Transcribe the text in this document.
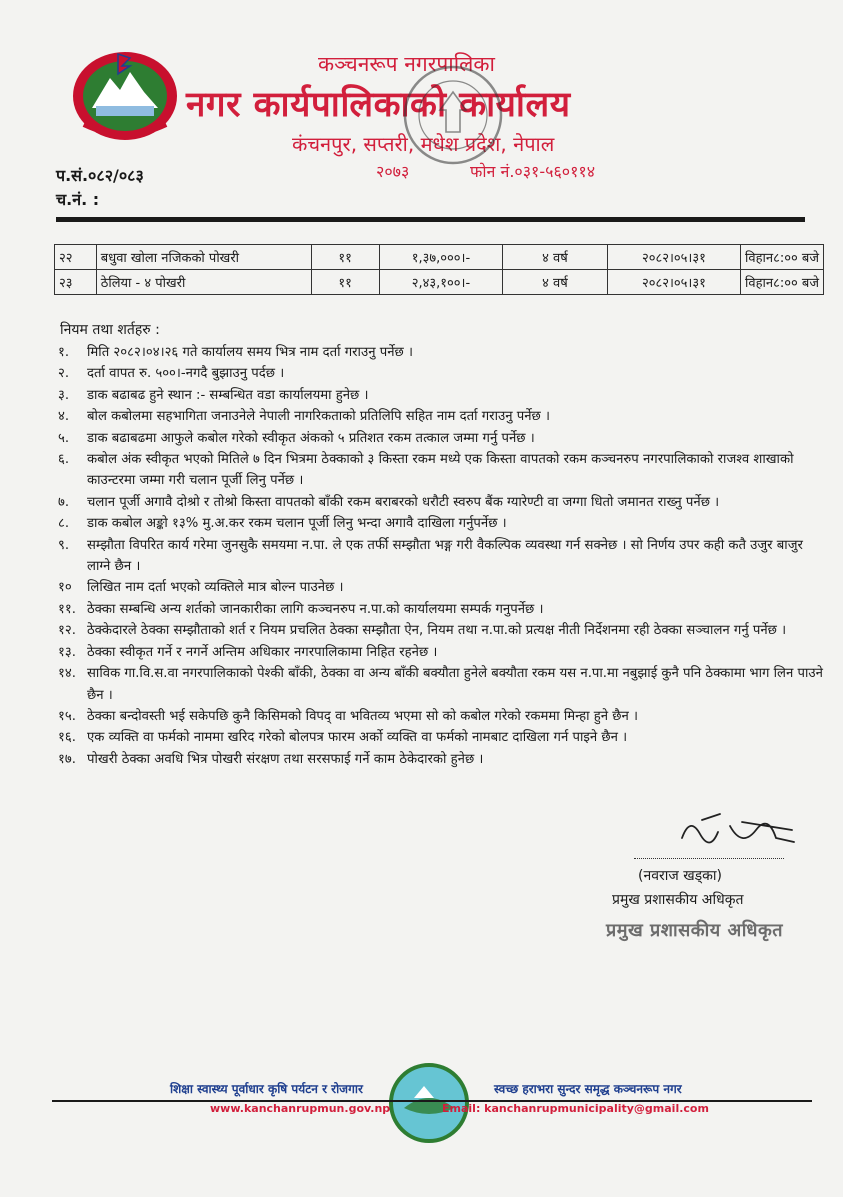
कञ्चनरूप नगरपालिका
नगर कार्यपालिकाको कार्यालय
कंचनपुर, सप्तरी, मधेश प्रदेश, नेपाल
२०७३	फोन नं.०३१-५६०११४
प.सं.०८२/०८३
च.नं. :
२२	बधुवा खोला नजिकको पोखरी	११	१,३७,०००।-	४ वर्ष	२०८२।०५।३१	विहान८:०० बजे
२३	ठेलिया - ४ पोखरी	११	२,४३,१००।-	४ वर्ष	२०८२।०५।३१	विहान८:०० बजे
नियम तथा शर्तहरु :
१.	मिति २०८२।०४।२६ गते कार्यालय समय भित्र नाम दर्ता गराउनु पर्नेछ ।
२.	दर्ता वापत रु. ५००।-नगदै बुझाउनु पर्दछ ।
३.	डाक बढाबढ हुने स्थान :- सम्बन्धित वडा कार्यालयमा हुनेछ ।
४.	बोल कबोलमा सहभागिता जनाउनेले नेपाली नागरिकताको प्रतिलिपि सहित नाम दर्ता गराउनु पर्नेछ ।
५.	डाक बढाबढमा आफुले कबोल गरेको स्वीकृत अंकको ५ प्रतिशत रकम तत्काल जम्मा गर्नु पर्नेछ ।
६.	कबोल अंक स्वीकृत भएको मितिले ७ दिन भित्रमा ठेक्काको ३ किस्ता रकम मध्ये एक किस्ता वापतको रकम कञ्चनरुप नगरपालिकाको राजश्व शाखाको काउन्टरमा जम्मा गरी चलान पूर्जी लिनु पर्नेछ ।
७.	चलान पूर्जी अगावै दोश्रो र तोश्रो किस्ता वापतको बाँकी रकम बराबरको धरौटी स्वरुप बैंक ग्यारेण्टी वा जग्गा धितो जमानत राख्नु पर्नेछ ।
८.	डाक कबोल अङ्को १३% मु.अ.कर रकम चलान पूर्जी लिनु भन्दा अगावै दाखिला गर्नुपर्नेछ ।
९.	सम्झौता विपरित कार्य गरेमा जुनसुकै समयमा न.पा. ले एक तर्फी सम्झौता भङ्ग गरी वैकल्पिक व्यवस्था गर्न सक्नेछ । सो निर्णय उपर कही कतै उजुर बाजुर लाग्ने छैन ।
१०	लिखित नाम दर्ता भएको व्यक्तिले मात्र बोल्न पाउनेछ ।
११. ठेक्का सम्बन्धि अन्य शर्तको जानकारीका लागि कञ्चनरुप न.पा.को कार्यालयमा सम्पर्क गनुपर्नेछ ।
१२. ठेक्केदारले ठेक्का सम्झौताको शर्त र नियम प्रचलित ठेक्का सम्झौता ऐन, नियम तथा न.पा.को प्रत्यक्ष नीती निर्देशनमा रही ठेक्का सञ्चालन गर्नु पर्नेछ ।
१३. ठेक्का स्वीकृत गर्ने र नगर्ने अन्तिम अधिकार नगरपालिकामा निहित रहनेछ ।
१४. साविक गा.वि.स.वा नगरपालिकाको पेश्की बाँकी, ठेक्का वा अन्य बाँकी बक्यौता हुनेले बक्यौता रकम यस न.पा.मा नबुझाई कुनै पनि ठेक्कामा भाग लिन पाउने छैन ।
१५. ठेक्का बन्दोवस्ती भई सकेपछि कुनै किसिमको विपद् वा भवितव्य भएमा सो को कबोल गरेको रकममा मिन्हा हुने छैन ।
१६. एक व्यक्ति वा फर्मको नाममा खरिद गरेको बोलपत्र फारम अर्को व्यक्ति वा फर्मको नामबाट दाखिला गर्न पाइने छैन ।
१७. पोखरी ठेक्का अवधि भित्र पोखरी संरक्षण तथा सरसफाई गर्ने काम ठेकेदारको हुनेछ ।
(नवराज खड्का)
प्रमुख प्रशासकीय अधिकृत
प्रमुख प्रशासकीय अधिकृत
शिक्षा स्वास्थ्य पूर्वाधार कृषि पर्यटन र रोजगार	स्वच्छ हराभरा सुन्दर समृद्ध कञ्चनरूप नगर
www.kanchanrupmun.gov.np	Email: kanchanrupmunicipality@gmail.com
